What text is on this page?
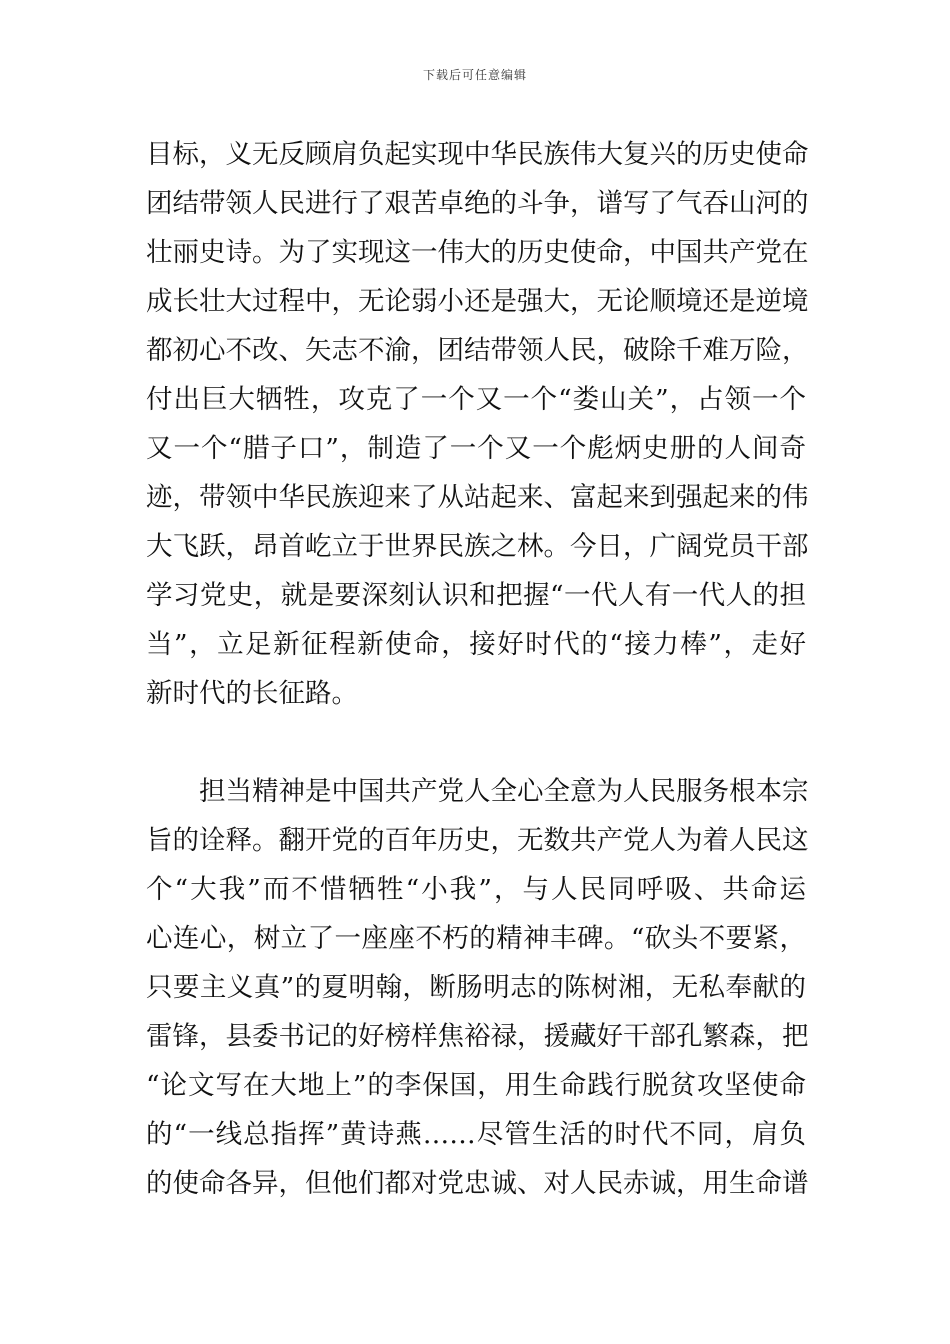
下载后可任意编辑
目标，义无反顾肩负起实现中华民族伟大复兴的历史使命
团结带领人民进行了艰苦卓绝的斗争，谱写了气吞山河的
壮丽史诗。为了实现这一伟大的历史使命，中国共产党在
成长壮大过程中，无论弱小还是强大，无论顺境还是逆境
都初心不改、矢志不渝，团结带领人民，破除千难万险，
付出巨大牺牲，攻克了一个又一个“娄山关”，占领一个
又一个“腊子口”，制造了一个又一个彪炳史册的人间奇
迹，带领中华民族迎来了从站起来、富起来到强起来的伟
大飞跃，昂首屹立于世界民族之林。今日，广阔党员干部
学习党史，就是要深刻认识和把握“一代人有一代人的担
当”，立足新征程新使命，接好时代的“接力棒”，走好
新时代的长征路。
　　担当精神是中国共产党人全心全意为人民服务根本宗
旨的诠释。翻开党的百年历史，无数共产党人为着人民这
个“大我”而不惜牺牲“小我”，与人民同呼吸、共命运
心连心，树立了一座座不朽的精神丰碑。“砍头不要紧，
只要主义真”的夏明翰，断肠明志的陈树湘，无私奉献的
雷锋，县委书记的好榜样焦裕禄，援藏好干部孔繁森，把
“论文写在大地上”的李保国，用生命践行脱贫攻坚使命
的“一线总指挥”黄诗燕……尽管生活的时代不同，肩负
的使命各异，但他们都对党忠诚、对人民赤诚，用生命谱
